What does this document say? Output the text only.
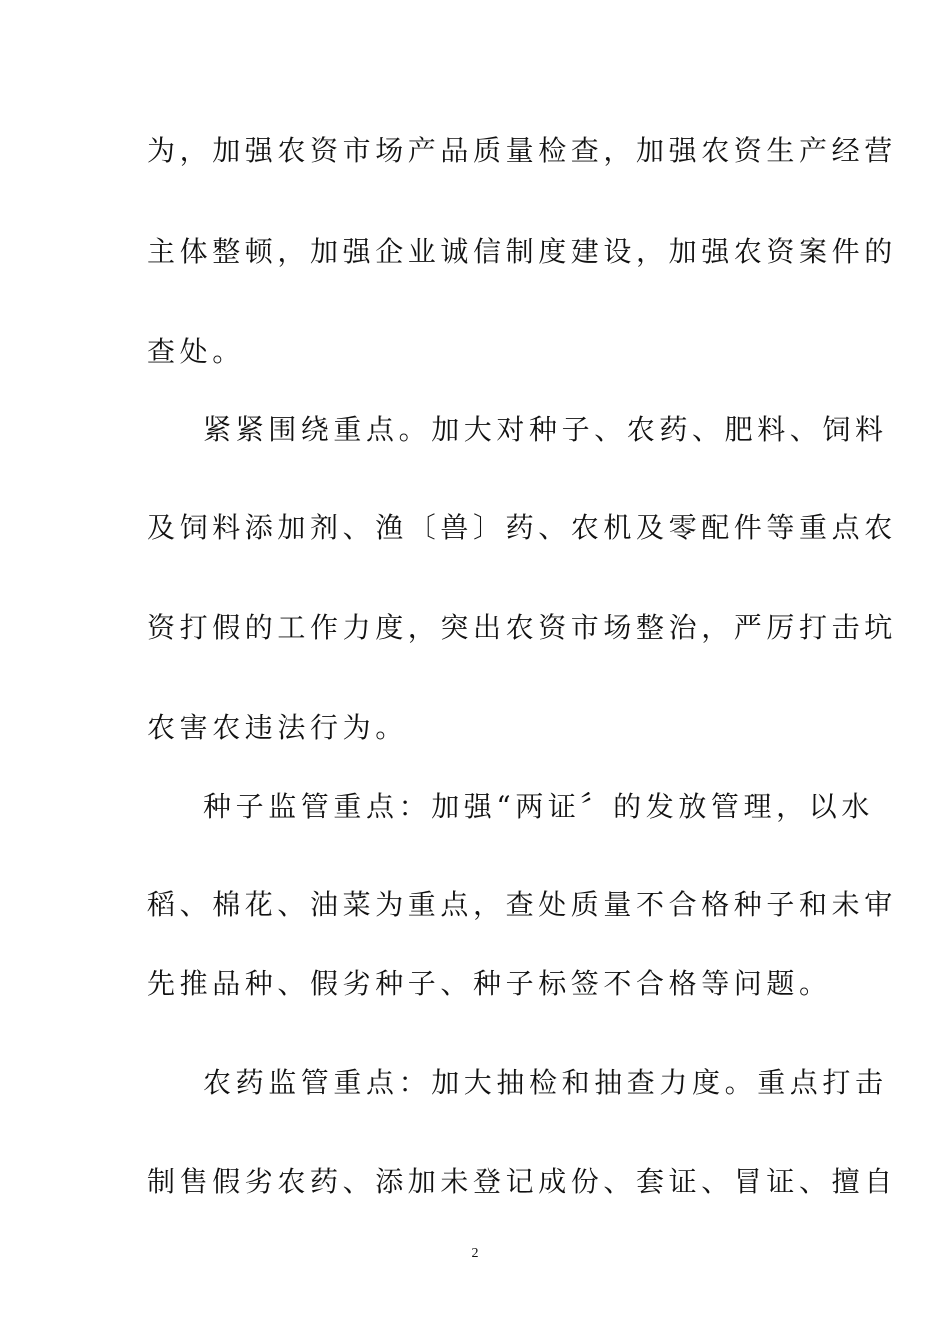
为，加强农资市场产品质量检查，加强农资生产经营
主体整顿，加强企业诚信制度建设，加强农资案件的
查处。
紧紧围绕重点。加大对种子、农药、肥料、饲料
及饲料添加剂、渔〔兽〕药、农机及零配件等重点农
资打假的工作力度，突出农资市场整治，严厉打击坑
农害农违法行为。
种子监管重点：加强“两证〞的发放管理，以水
稻、棉花、油菜为重点，查处质量不合格种子和未审
先推品种、假劣种子、种子标签不合格等问题。
农药监管重点：加大抽检和抽查力度。重点打击
制售假劣农药、添加未登记成份、套证、冒证、擅自
2
